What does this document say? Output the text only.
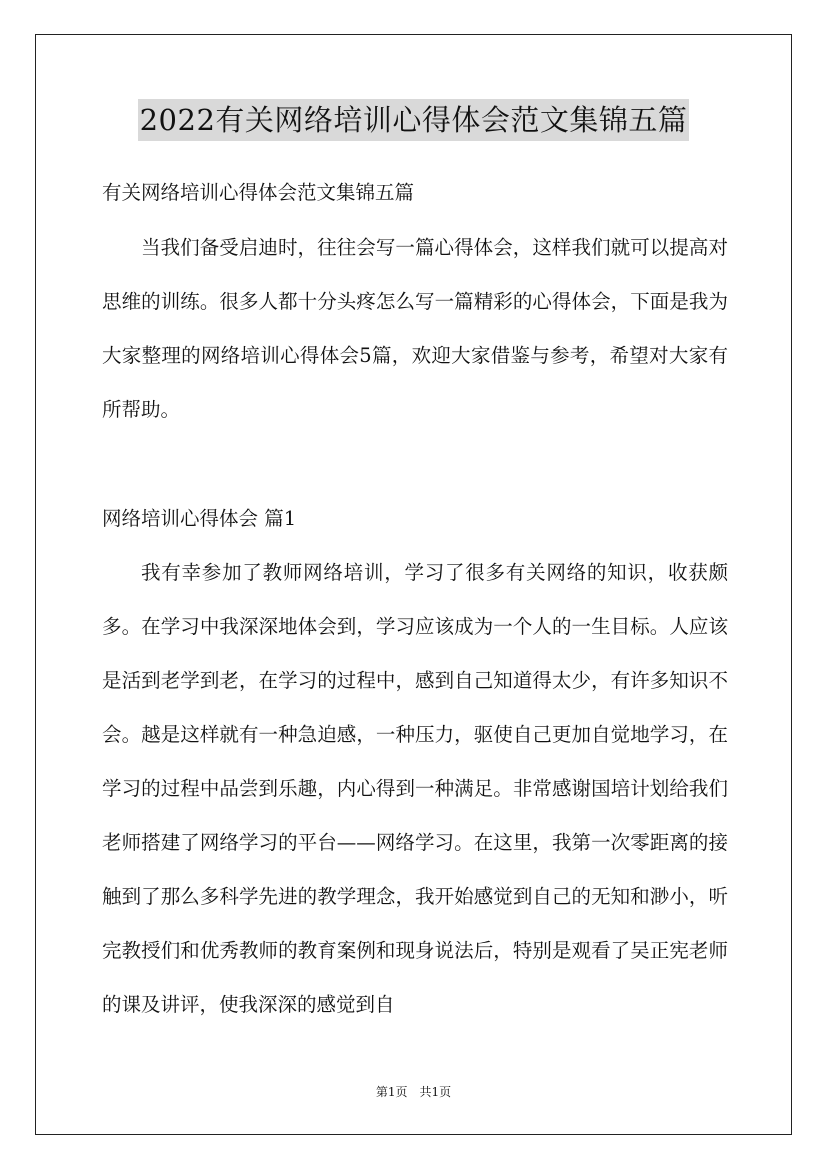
2022有关网络培训心得体会范文集锦五篇

有关网络培训心得体会范文集锦五篇

当我们备受启迪时，往往会写一篇心得体会，这样我们就可以提高对思维的训练。很多人都十分头疼怎么写一篇精彩的心得体会，下面是我为大家整理的网络培训心得体会5篇，欢迎大家借鉴与参考，希望对大家有所帮助。

网络培训心得体会 篇1

我有幸参加了教师网络培训，学习了很多有关网络的知识，收获颇多。在学习中我深深地体会到，学习应该成为一个人的一生目标。人应该是活到老学到老，在学习的过程中，感到自己知道得太少，有许多知识不会。越是这样就有一种急迫感，一种压力，驱使自己更加自觉地学习，在学习的过程中品尝到乐趣，内心得到一种满足。非常感谢国培计划给我们老师搭建了网络学习的平台——网络学习。在这里，我第一次零距离的接触到了那么多科学先进的教学理念，我开始感觉到自己的无知和渺小，听完教授们和优秀教师的教育案例和现身说法后，特别是观看了吴正宪老师的课及讲评，使我深深的感觉到自

第1页　共1页
